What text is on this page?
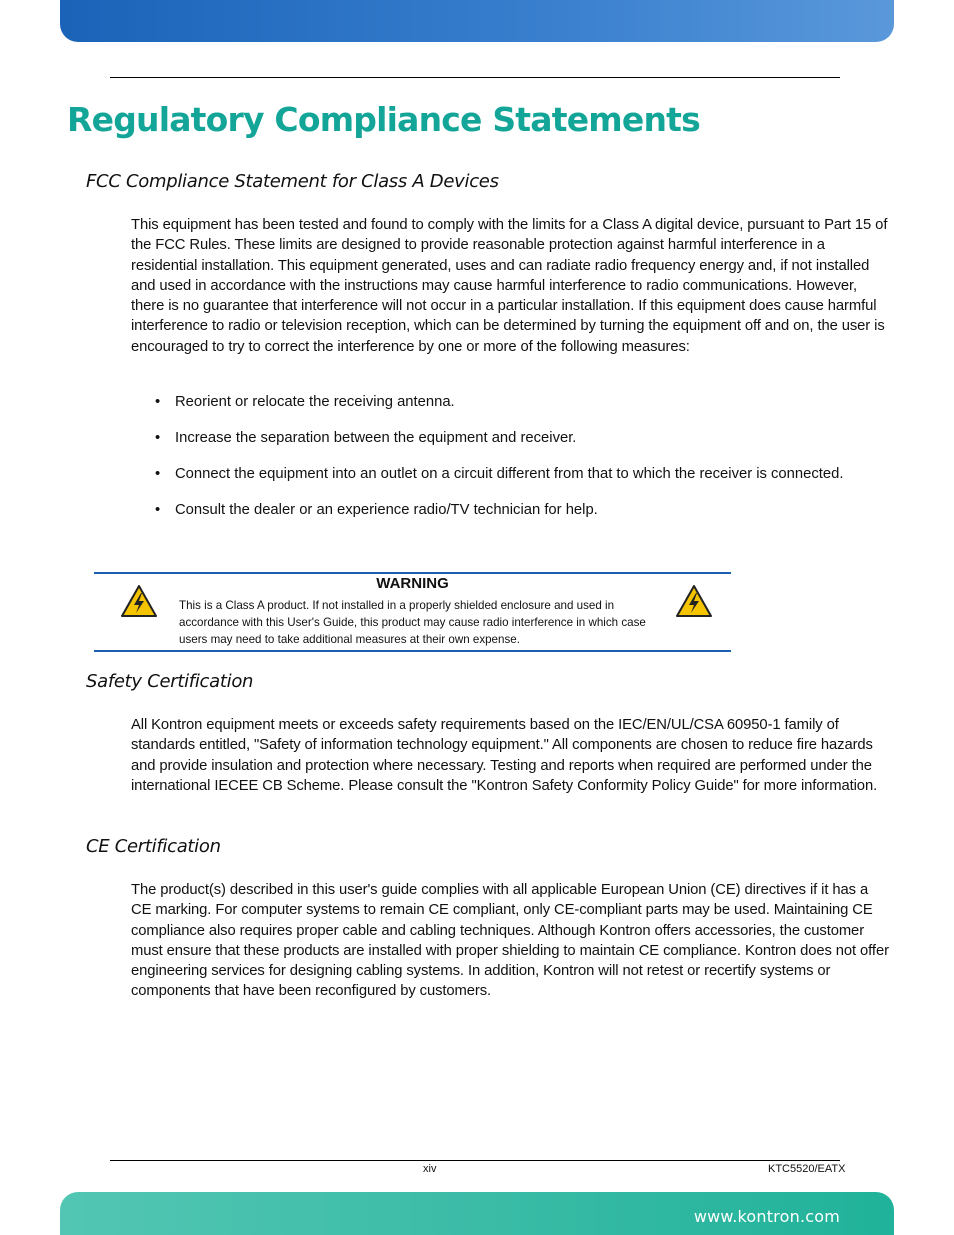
Regulatory Compliance Statements
FCC Compliance Statement for Class A Devices

This equipment has been tested and found to comply with the limits for a Class A digital device, pursuant to Part 15 of the FCC Rules. These limits are designed to provide reasonable protection against harmful interference in a residential installation. This equipment generated, uses and can radiate radio frequency energy and, if not installed and used in accordance with the instructions may cause harmful interference to radio communications. However, there is no guarantee that interference will not occur in a particular installation. If this equipment does cause harmful interference to radio or television reception, which can be determined by turning the equipment off and on, the user is encouraged to try to correct the interference by one or more of the following measures:

• Reorient or relocate the receiving antenna.
• Increase the separation between the equipment and receiver.
• Connect the equipment into an outlet on a circuit different from that to which the receiver is connected.
• Consult the dealer or an experience radio/TV technician for help.
WARNING
This is a Class A product. If not installed in a properly shielded enclosure and used in accordance with this User's Guide, this product may cause radio interference in which case users may need to take additional measures at their own expense.
Safety Certification

All Kontron equipment meets or exceeds safety requirements based on the IEC/EN/UL/CSA 60950-1 family of standards entitled, "Safety of information technology equipment." All components are chosen to reduce fire hazards and provide insulation and protection where necessary. Testing and reports when required are performed under the international IECEE CB Scheme. Please consult the "Kontron Safety Conformity Policy Guide" for more information.

CE Certification

The product(s) described in this user's guide complies with all applicable European Union (CE) directives if it has a CE marking. For computer systems to remain CE compliant, only CE-compliant parts may be used. Maintaining CE compliance also requires proper cable and cabling techniques. Although Kontron offers accessories, the customer must ensure that these products are installed with proper shielding to maintain CE compliance. Kontron does not offer engineering services for designing cabling systems. In addition, Kontron will not retest or recertify systems or components that have been reconfigured by customers.

xiv	KTC5520/EATX
www.kontron.com
